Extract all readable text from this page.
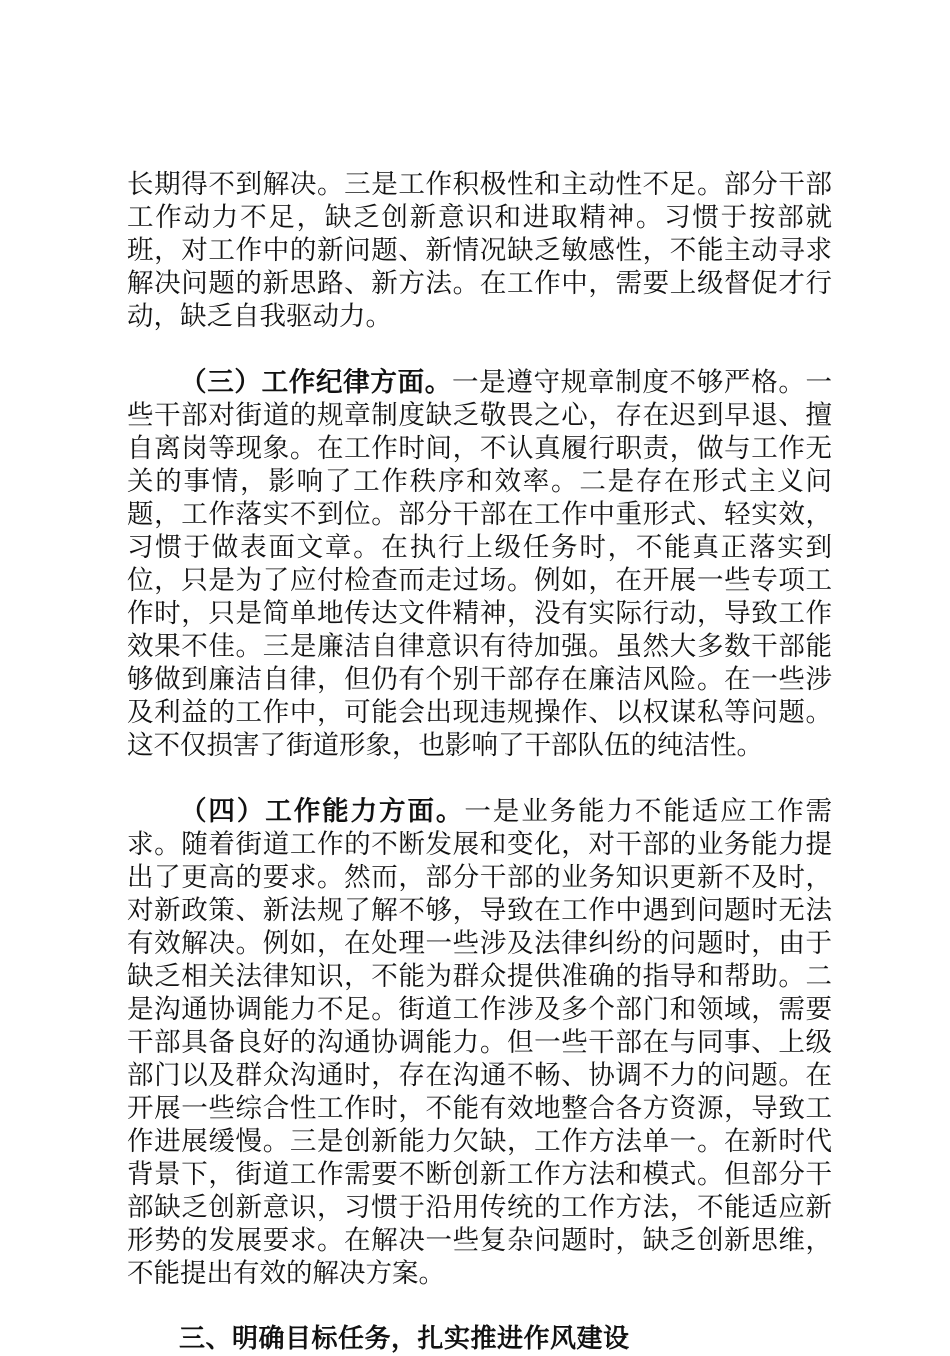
长期得不到解决。三是工作积极性和主动性不足。部分干部工作动力不足，缺乏创新意识和进取精神。习惯于按部就班，对工作中的新问题、新情况缺乏敏感性，不能主动寻求解决问题的新思路、新方法。在工作中，需要上级督促才行动，缺乏自我驱动力。

（三）工作纪律方面。一是遵守规章制度不够严格。一些干部对街道的规章制度缺乏敬畏之心，存在迟到早退、擅自离岗等现象。在工作时间，不认真履行职责，做与工作无关的事情，影响了工作秩序和效率。二是存在形式主义问题，工作落实不到位。部分干部在工作中重形式、轻实效，习惯于做表面文章。在执行上级任务时，不能真正落实到位，只是为了应付检查而走过场。例如，在开展一些专项工作时，只是简单地传达文件精神，没有实际行动，导致工作效果不佳。三是廉洁自律意识有待加强。虽然大多数干部能够做到廉洁自律，但仍有个别干部存在廉洁风险。在一些涉及利益的工作中，可能会出现违规操作、以权谋私等问题。这不仅损害了街道形象，也影响了干部队伍的纯洁性。

（四）工作能力方面。一是业务能力不能适应工作需求。随着街道工作的不断发展和变化，对干部的业务能力提出了更高的要求。然而，部分干部的业务知识更新不及时，对新政策、新法规了解不够，导致在工作中遇到问题时无法有效解决。例如，在处理一些涉及法律纠纷的问题时，由于缺乏相关法律知识，不能为群众提供准确的指导和帮助。二是沟通协调能力不足。街道工作涉及多个部门和领域，需要干部具备良好的沟通协调能力。但一些干部在与同事、上级部门以及群众沟通时，存在沟通不畅、协调不力的问题。在开展一些综合性工作时，不能有效地整合各方资源，导致工作进展缓慢。三是创新能力欠缺，工作方法单一。在新时代背景下，街道工作需要不断创新工作方法和模式。但部分干部缺乏创新意识，习惯于沿用传统的工作方法，不能适应新形势的发展要求。在解决一些复杂问题时，缺乏创新思维，不能提出有效的解决方案。

三、明确目标任务，扎实推进作风建设
